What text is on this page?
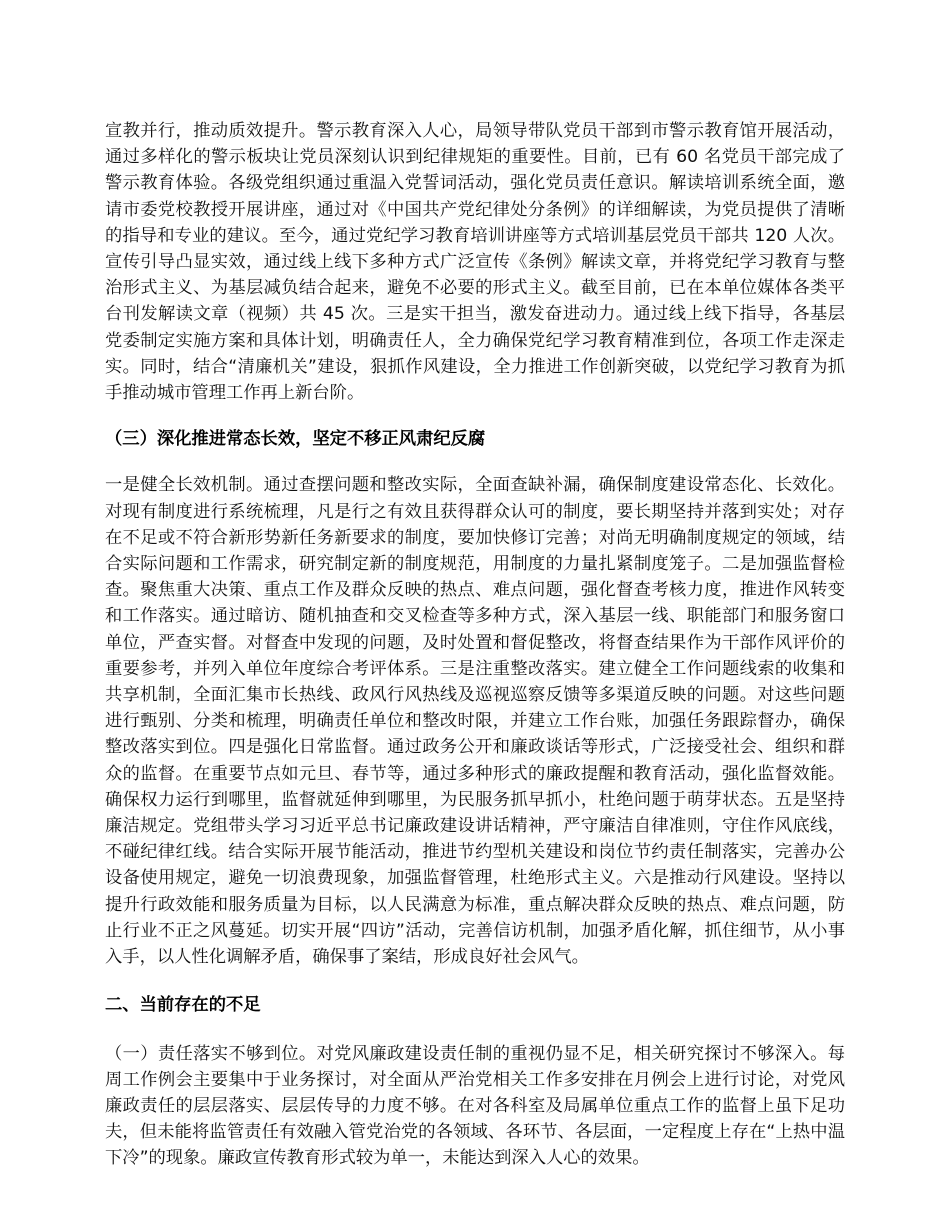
宣教并行，推动质效提升。警示教育深入人心，局领导带队党员干部到市警示教育馆开展活动，通过多样化的警示板块让党员深刻认识到纪律规矩的重要性。目前，已有 60 名党员干部完成了警示教育体验。各级党组织通过重温入党誓词活动，强化党员责任意识。解读培训系统全面，邀请市委党校教授开展讲座，通过对《中国共产党纪律处分条例》的详细解读，为党员提供了清晰的指导和专业的建议。至今，通过党纪学习教育培训讲座等方式培训基层党员干部共 120 人次。宣传引导凸显实效，通过线上线下多种方式广泛宣传《条例》解读文章，并将党纪学习教育与整治形式主义、为基层减负结合起来，避免不必要的形式主义。截至目前，已在本单位媒体各类平台刊发解读文章（视频）共 45 次。三是实干担当，激发奋进动力。通过线上线下指导，各基层党委制定实施方案和具体计划，明确责任人，全力确保党纪学习教育精准到位，各项工作走深走实。同时，结合“清廉机关”建设，狠抓作风建设，全力推进工作创新突破，以党纪学习教育为抓手推动城市管理工作再上新台阶。

（三）深化推进常态长效，坚定不移正风肃纪反腐

一是健全长效机制。通过查摆问题和整改实际，全面查缺补漏，确保制度建设常态化、长效化。对现有制度进行系统梳理，凡是行之有效且获得群众认可的制度，要长期坚持并落到实处；对存在不足或不符合新形势新任务新要求的制度，要加快修订完善；对尚无明确制度规定的领域，结合实际问题和工作需求，研究制定新的制度规范，用制度的力量扎紧制度笼子。二是加强监督检查。聚焦重大决策、重点工作及群众反映的热点、难点问题，强化督查考核力度，推进作风转变和工作落实。通过暗访、随机抽查和交叉检查等多种方式，深入基层一线、职能部门和服务窗口单位，严查实督。对督查中发现的问题，及时处置和督促整改，将督查结果作为干部作风评价的重要参考，并列入单位年度综合考评体系。三是注重整改落实。建立健全工作问题线索的收集和共享机制，全面汇集市长热线、政风行风热线及巡视巡察反馈等多渠道反映的问题。对这些问题进行甄别、分类和梳理，明确责任单位和整改时限，并建立工作台账，加强任务跟踪督办，确保整改落实到位。四是强化日常监督。通过政务公开和廉政谈话等形式，广泛接受社会、组织和群众的监督。在重要节点如元旦、春节等，通过多种形式的廉政提醒和教育活动，强化监督效能。确保权力运行到哪里，监督就延伸到哪里，为民服务抓早抓小，杜绝问题于萌芽状态。五是坚持廉洁规定。党组带头学习习近平总书记廉政建设讲话精神，严守廉洁自律准则，守住作风底线，不碰纪律红线。结合实际开展节能活动，推进节约型机关建设和岗位节约责任制落实，完善办公设备使用规定，避免一切浪费现象，加强监督管理，杜绝形式主义。六是推动行风建设。坚持以提升行政效能和服务质量为目标，以人民满意为标准，重点解决群众反映的热点、难点问题，防止行业不正之风蔓延。切实开展“四访”活动，完善信访机制，加强矛盾化解，抓住细节，从小事入手，以人性化调解矛盾，确保事了案结，形成良好社会风气。

二、当前存在的不足

（一）责任落实不够到位。对党风廉政建设责任制的重视仍显不足，相关研究探讨不够深入。每周工作例会主要集中于业务探讨，对全面从严治党相关工作多安排在月例会上进行讨论，对党风廉政责任的层层落实、层层传导的力度不够。在对各科室及局属单位重点工作的监督上虽下足功夫，但未能将监管责任有效融入管党治党的各领域、各环节、各层面，一定程度上存在“上热中温下冷”的现象。廉政宣传教育形式较为单一，未能达到深入人心的效果。
